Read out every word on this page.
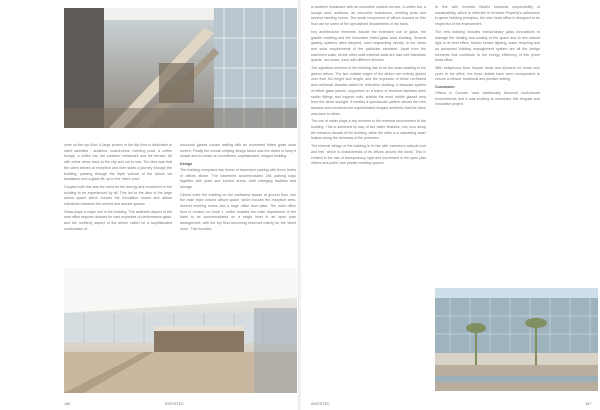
zone on the top floor. A large portion of the top floor is dedicated to client activities - auditoria, boardrooms, meeting pods, a coffee lounge, a coffee bar, the canteen/ restaurant and the terrace. All with prime views back to the city and out to sea. The idea was that the client arrives at reception and then starts a journey through the building, passing through the triple volume of the atrium via escalators and a glass lift, up to the 'client zone'.

Coupled with this was the need for the energy and movement in the building to be experienced by all. This led to the idea of the large atrium space which houses the circulation routes and allows interaction between the served and service spaces.

Glass plays a major role in the building. The aesthetic aspect of the new office requires allowed for vast expanses of performance glass, and the northerly aspect of the atrium called for a sophisticated combination of

structural glazed curtain walling with an exuberant fritted glass solar screen. Finally the overall unifying design factor was the desire to keep it simple and to create an uncluttered, sophisticated, elegant building.

Design

The building comprises two levels of basement parking with three levels of offices above. The basement accommodates 284 parking bays together with plant and service areas, staff changing facilities and storage.

Clients enter the building on the northwest facade at ground floor, into the main triple volume atrium space, which houses the reception area, several meeting rooms and a large office floor plate. The main office floor is housed on Level 1, which enables the main department of the bank to be accommodated on a single level in an open plan arrangement, with the top floor becoming reserved mainly for the 'client zone'. This includes

186	INVESTEC

a canteen/ restaurant with an executive outdoor terrace, a coffee bar, a lounge area, auditoria, an executive boardroom, meeting pods and several meeting rooms. The small component of offices housed on this floor are for some of the specialised departments of the bank.

Key architectural elements include the extensive use of glass, the granite cladding and the innovative fritted-glass solar shading. Several glazing systems were adopted, each responding directly to the views and solar requirements of the particular elevation. Apart from the basement walls, all the other solid external walls are clad with Namibian granite, two tones, each with different finishes.

The signature element of the building has to be the solar shading to the glazed atrium. The two outside edges of the atrium are entirely glazed over their full height and length, and the exposure of these northwest and northeast facades called for extensive shading. A bespoke system of fritted glass panels, supported on a frame of brushed stainless steel spider fittings and support rods, shields the most visible glazed area from the direct sunlight. It creates a spectacular pattern across the new facades and reinforces the sophisticated elegant aesthetic that the client was keen to attain.

The use of water plays a key element to the external environment of the building. This is achieved by way of two water features, one runs along the entrance facade of the building, while the other is a cascading water feature along the driveway of the premises.

The internal design of the building is in line with Investec's cultural look and feel, which is characteristic of its offices around the world. This is evident in the use of transparency, light and movement in the open plan offices and public and private meeting spaces.

In line with Investec Bank's business responsibility of sustainability, which is reflected in Investec Property's adherence to green building principles, the new head office is designed to be respectful of the environment.

The new building includes extraordinary glass innovations to manage the heating and cooling of the space and to use natural light to its best effect. Motion sensor lighting, water recycling and an advanced building management system are all the design elements that contribute to the energy efficiency of this prime head office.

With indigenous flora, bicycle racks and showers for those who cycle to the office, the tread details have been incorporated to ensure a vibrant, functional and positive setting.

Conclusion

Offices in Gorham have traditionally favoured multi-tenant environments and it was exciting to undertake this singular and innovative project.

INVESTEC	187
